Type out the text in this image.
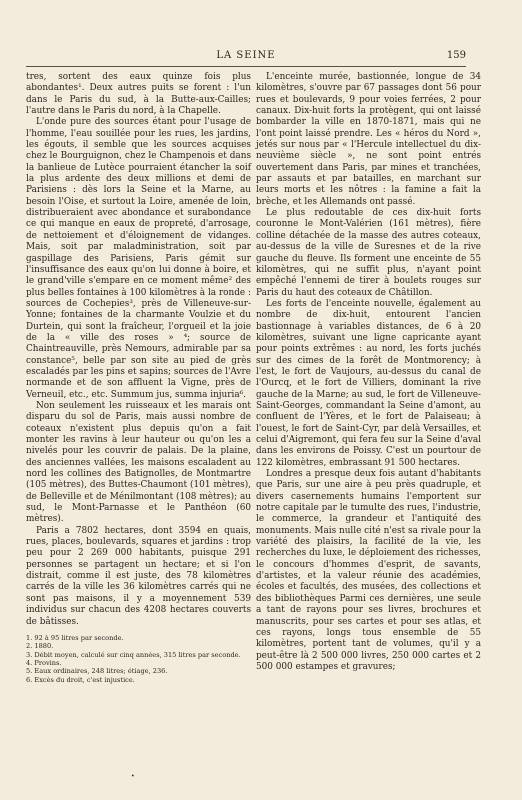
LA SEINE	159

tres, sortent des eaux quinze fois plus abondantes¹. Deux autres puits se forent : l'un dans le Paris du sud, à la Butte-aux-Cailles; l'autre dans le Paris du nord, à la Chapelle.

L'onde pure des sources étant pour l'usage de l'homme, l'eau souillée pour les rues, les jardins, les égouts, il semble que les sources acquises chez le Bourguignon, chez le Champenois et dans la banlieue de Lutèce pourraient étancher la soif la plus ardente des deux millions et demi de Parisiens : dès lors la Seine et la Marne, au besoin l'Oise, et surtout la Loire, amenée de loin, distribueraient avec abondance et surabondance ce qui manque en eaux de propreté, d'arrosage, de nettoiement et d'éloignement de vidanges. Mais, soit par maladministration, soit par gaspillage des Parisiens, Paris gémit sur l'insuffisance des eaux qu'on lui donne à boire, et le grand'ville s'empare en ce moment même² des plus belles fontaines à 100 kilomètres à la ronde : sources de Cochepies³, près de Villeneuve-sur-Yonne; fontaines de la charmante Voulzie et du Durtein, qui sont la fraîcheur, l'orgueil et la joie de la « ville des roses » ⁴; source de Chaintreauville, près Nemours, admirable par sa constance⁵, belle par son site au pied de grès escaladés par les pins et sapins; sources de l'Avre normande et de son affluent la Vigne, près de Verneuil, etc., etc. Summum jus, summa injuria⁶.

Non seulement les ruisseaux et les marais ont disparu du sol de Paris, mais aussi nombre de coteaux n'existent plus depuis qu'on a fait monter les ravins à leur hauteur ou qu'on les a nivelés pour les couvrir de palais. De la plaine, des anciennes vallées, les maisons escaladent au nord les collines des Batignolles, de Montmartre (105 mètres), des Buttes-Chaumont (101 mètres), de Belleville et de Ménilmontant (108 mètres); au sud, le Mont-Parnasse et le Panthéon (60 mètres).

Paris a 7802 hectares, dont 3594 en quais, rues, places, boulevards, squares et jardins : trop peu pour 2 269 000 habitants, puisque 291 personnes se partagent un hectare; et si l'on distrait, comme il est juste, des 78 kilomètres carrés de la ville les 36 kilomètres carrés qui ne sont pas maisons, il y a moyennement 539 individus sur chacun des 4208 hectares couverts de bâtisses.

1. 92 à 95 litres par seconde.
2. 1880.
3. Débit moyen, calculé sur cinq années, 315 litres par seconde.
4. Provins.
5. Eaux ordinaires, 248 litres; étiage, 236.
6. Excès du droit, c'est injustice.

L'enceinte murée, bastionnée, longue de 34 kilomètres, s'ouvre par 67 passages dont 56 pour rues et boulevards, 9 pour voies ferrées, 2 pour canaux. Dix-huit forts la protègent, qui ont laissé bombarder la ville en 1870-1871, mais qui ne l'ont point laissé prendre. Les « héros du Nord », jetés sur nous par « l'Hercule intellectuel du dix-neuvième siècle », ne sont point entrés ouvertement dans Paris, par mines et tranchées, par assauts et par batailles, en marchant sur leurs morts et les nôtres : la famine a fait la brèche, et les Allemands ont passé.

Le plus redoutable de ces dix-huit forts couronne le Mont-Valérien (161 mètres), fière colline détachée de la masse des autres coteaux, au-dessus de la ville de Suresnes et de la rive gauche du fleuve. Ils forment une enceinte de 55 kilomètres, qui ne suffit plus, n'ayant point empêché l'ennemi de tirer à boulets rouges sur Paris du haut des coteaux de Châtillon.

Les forts de l'enceinte nouvelle, également au nombre de dix-huit, entourent l'ancien bastionnage à variables distances, de 6 à 20 kilomètres, suivant une ligne capricante ayant pour points extrêmes : au nord, les forts juchés sur des cimes de la forêt de Montmorency; à l'est, le fort de Vaujours, au-dessus du canal de l'Ourcq, et le fort de Villiers, dominant la rive gauche de la Marne; au sud, le fort de Villeneuve-Saint-Georges, commandant la Seine d'amont, au confluent de l'Yères, et le fort de Palaiseau; à l'ouest, le fort de Saint-Cyr, par delà Versailles, et celui d'Aigremont, qui fera feu sur la Seine d'aval dans les environs de Poissy. C'est un pourtour de 122 kilomètres, embrassant 91 500 hectares.

Londres a presque deux fois autant d'habitants que Paris, sur une aire à peu près quadruple, et divers casernements humains l'emportent sur notre capitale par le tumulte des rues, l'industrie, le commerce, la grandeur et l'antiquité des monuments. Mais nulle cité n'est sa rivale pour la variété des plaisirs, la facilité de la vie, les recherches du luxe, le déploiement des richesses, le concours d'hommes d'esprit, de savants, d'artistes, et la valeur réunie des académies, écoles et facultés, des musées, des collections et des bibliothèques Parmi ces dernières, une seule a tant de rayons pour ses livres, brochures et manuscrits, pour ses cartes et pour ses atlas, et ces rayons, longs tous ensemble de 55 kilomètres, portent tant de volumes, qu'il y a peut-être là 2 500 000 livres, 250 000 cartes et 2 500 000 estampes et gravures;

•
